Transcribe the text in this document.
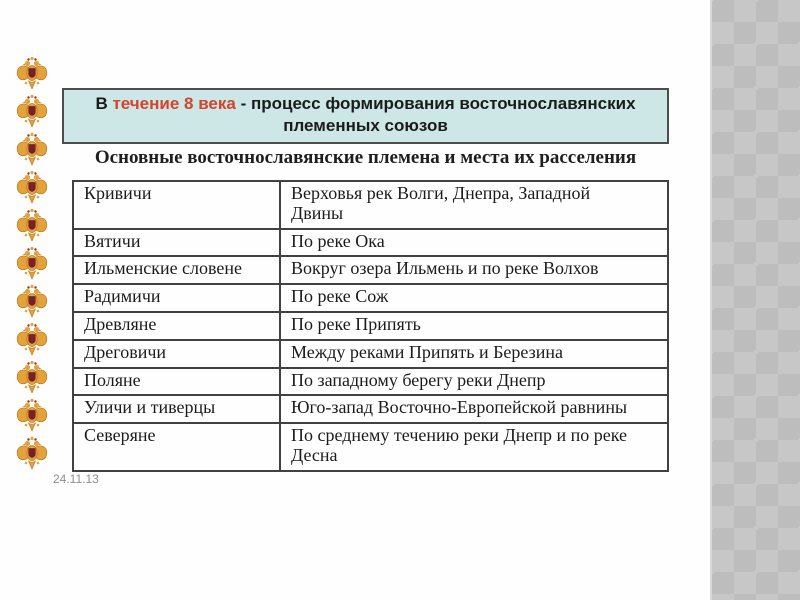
В течение 8 века - процесс формирования восточнославянских племенных союзов
Основные восточнославянские племена и места их расселения
Кривичи	Верховья рек Волги, Днепра, Западной Двины

Вятичи	По реке Ока

Ильменские словене	Вокруг озера Ильмень и по реке Волхов

Радимичи	По реке Сож

Древляне	По реке Припять

Дреговичи	Между реками Припять и Березина

Поляне	По западному берегу реки Днепр

Уличи и тиверцы	Юго-запад Восточно-Европейской равнины

Северяне	По среднему течению реки Днепр и по реке Десна
24.11.13
